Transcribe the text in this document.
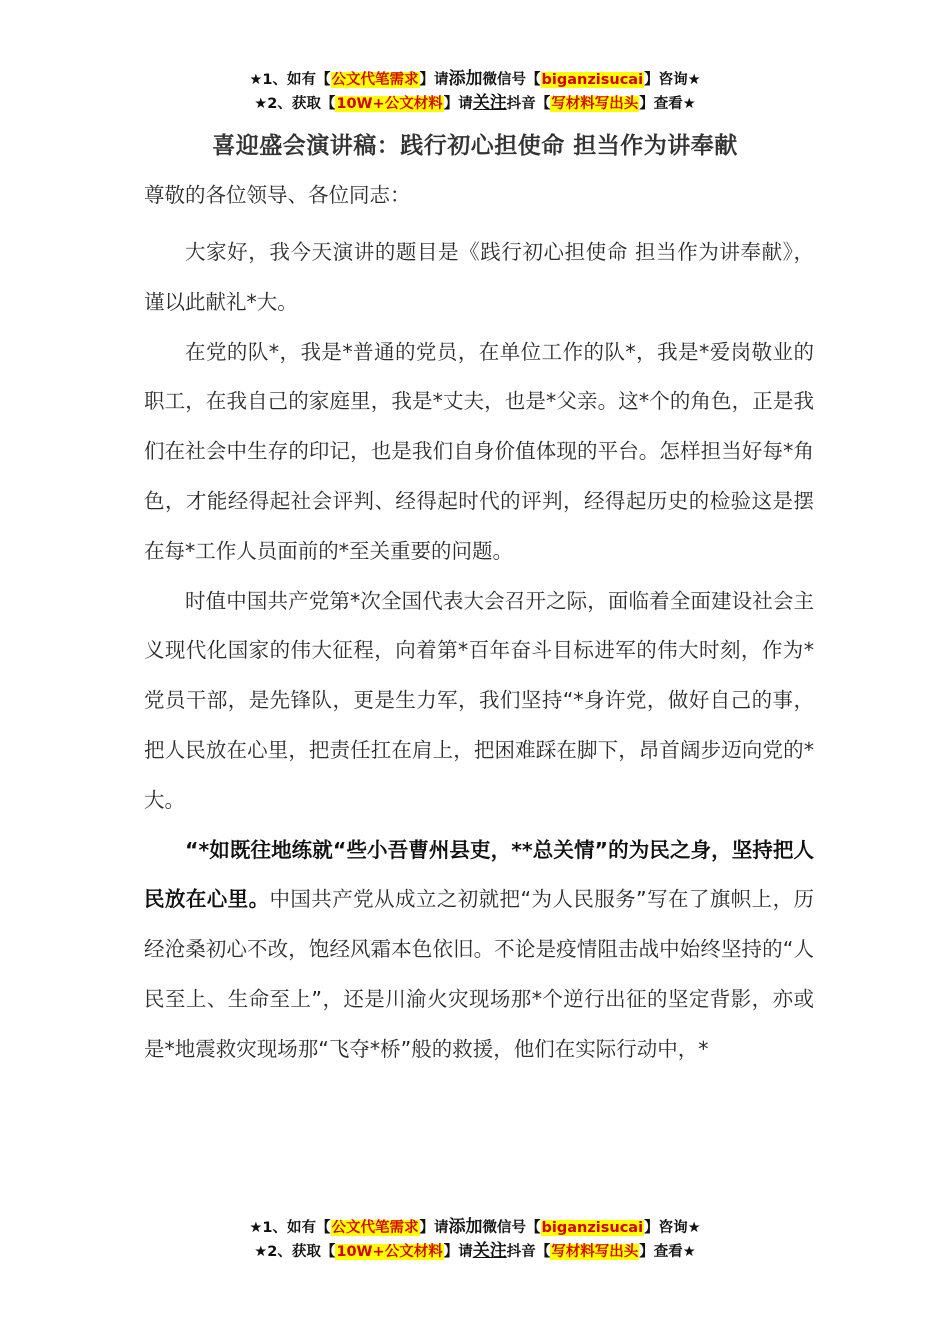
★1、如有【公文代笔需求】请添加微信号【biganzisucai】咨询★
★2、获取【10W+公文材料】请关注抖音【写材料写出头】查看★
喜迎盛会演讲稿：践行初心担使命 担当作为讲奉献

尊敬的各位领导、各位同志：

大家好，我今天演讲的题目是《践行初心担使命 担当作为讲奉献》，谨以此献礼*大。

在党的队*，我是*普通的党员，在单位工作的队*，我是*爱岗敬业的职工，在我自己的家庭里，我是*丈夫，也是*父亲。这*个的角色，正是我们在社会中生存的印记，也是我们自身价值体现的平台。怎样担当好每*角色，才能经得起社会评判、经得起时代的评判，经得起历史的检验这是摆在每*工作人员面前的*至关重要的问题。

时值中国共产党第*次全国代表大会召开之际，面临着全面建设社会主义现代化国家的伟大征程，向着第*百年奋斗目标进军的伟大时刻，作为*党员干部，是先锋队，更是生力军，我们坚持“*身许党，做好自己的事，把人民放在心里，把责任扛在肩上，把困难踩在脚下，昂首阔步迈向党的*大。

“*如既往地练就“些小吾曹州县吏，**总关情”的为民之身，坚持把人民放在心里。中国共产党从成立之初就把“为人民服务”写在了旗帜上，历经沧桑初心不改，饱经风霜本色依旧。不论是疫情阻击战中始终坚持的“人民至上、生命至上”，还是川渝火灾现场那*个逆行出征的坚定背影，亦或是*地震救灾现场那“飞夺*桥”般的救援，他们在实际行动中，*

★1、如有【公文代笔需求】请添加微信号【biganzisucai】咨询★
★2、获取【10W+公文材料】请关注抖音【写材料写出头】查看★
